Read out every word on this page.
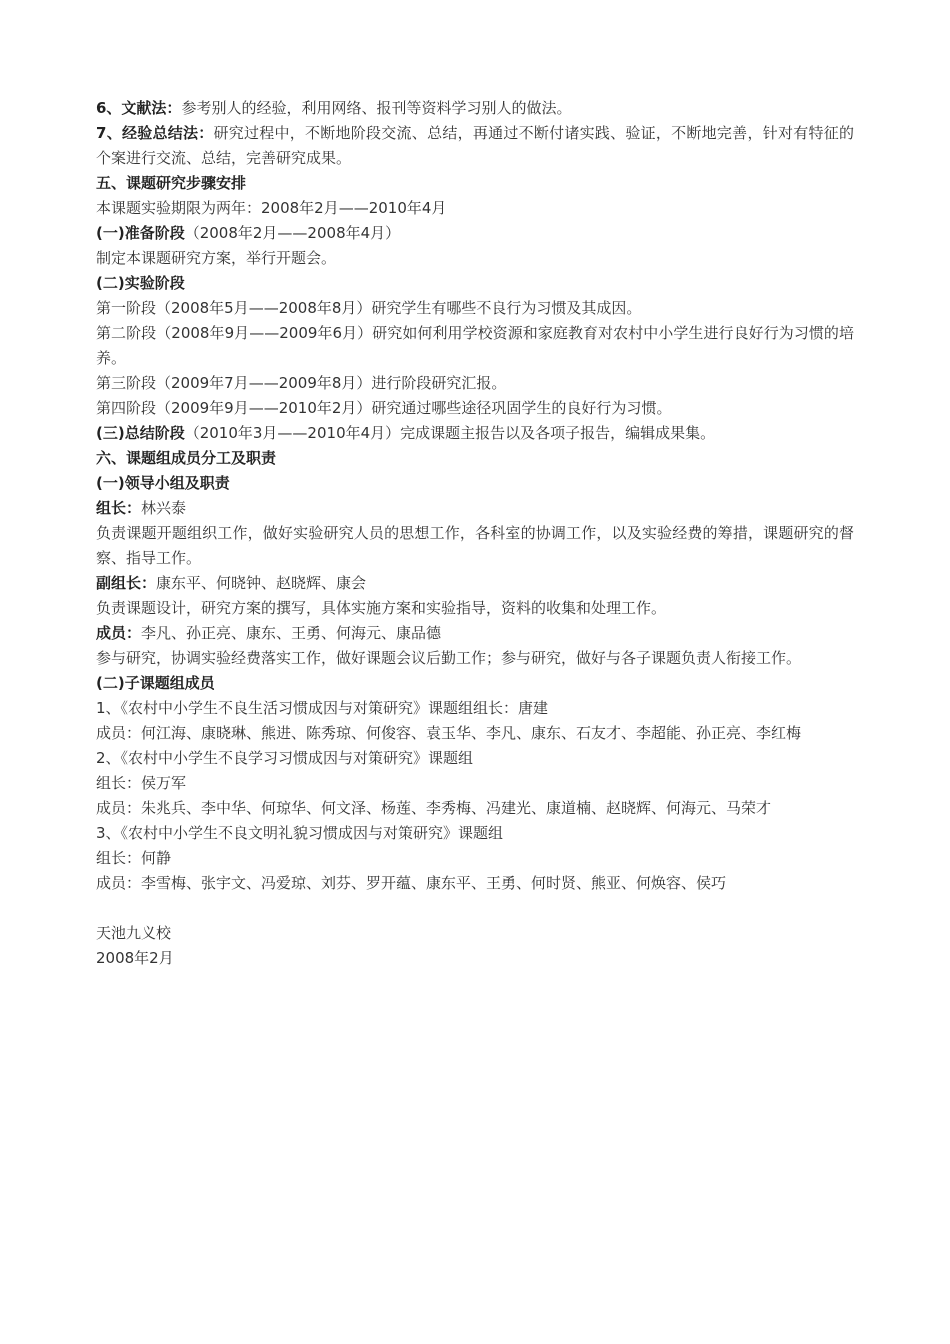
6、文献法：参考别人的经验，利用网络、报刊等资料学习别人的做法。

7、经验总结法：研究过程中，不断地阶段交流、总结，再通过不断付诸实践、验证，不断地完善，针对有特征的个案进行交流、总结，完善研究成果。

五、课题研究步骤安排

本课题实验期限为两年：2008年2月——2010年4月

(一)准备阶段（2008年2月——2008年4月）

制定本课题研究方案，举行开题会。

(二)实验阶段

第一阶段（2008年5月——2008年8月）研究学生有哪些不良行为习惯及其成因。

第二阶段（2008年9月——2009年6月）研究如何利用学校资源和家庭教育对农村中小学生进行良好行为习惯的培养。

第三阶段（2009年7月——2009年8月）进行阶段研究汇报。

第四阶段（2009年9月——2010年2月）研究通过哪些途径巩固学生的良好行为习惯。

(三)总结阶段（2010年3月——2010年4月）完成课题主报告以及各项子报告，编辑成果集。

六、课题组成员分工及职责

(一)领导小组及职责

组长：林兴泰

负责课题开题组织工作，做好实验研究人员的思想工作，各科室的协调工作，以及实验经费的筹措，课题研究的督察、指导工作。

副组长：康东平、何晓钟、赵晓辉、康会

负责课题设计，研究方案的撰写，具体实施方案和实验指导，资料的收集和处理工作。

成员：李凡、孙正亮、康东、王勇、何海元、康品德

参与研究，协调实验经费落实工作，做好课题会议后勤工作；参与研究，做好与各子课题负责人衔接工作。

(二)子课题组成员

1、《农村中小学生不良生活习惯成因与对策研究》课题组组长：唐建

成员：何江海、康晓琳、熊进、陈秀琼、何俊容、袁玉华、李凡、康东、石友才、李超能、孙正亮、李红梅

2、《农村中小学生不良学习习惯成因与对策研究》课题组

组长：侯万军

成员：朱兆兵、李中华、何琼华、何文泽、杨莲、李秀梅、冯建光、康道楠、赵晓辉、何海元、马荣才

3、《农村中小学生不良文明礼貌习惯成因与对策研究》课题组

组长：何静

成员：李雪梅、张宇文、冯爱琼、刘芬、罗开蕴、康东平、王勇、何时贤、熊亚、何焕容、侯巧

天池九义校

2008年2月
